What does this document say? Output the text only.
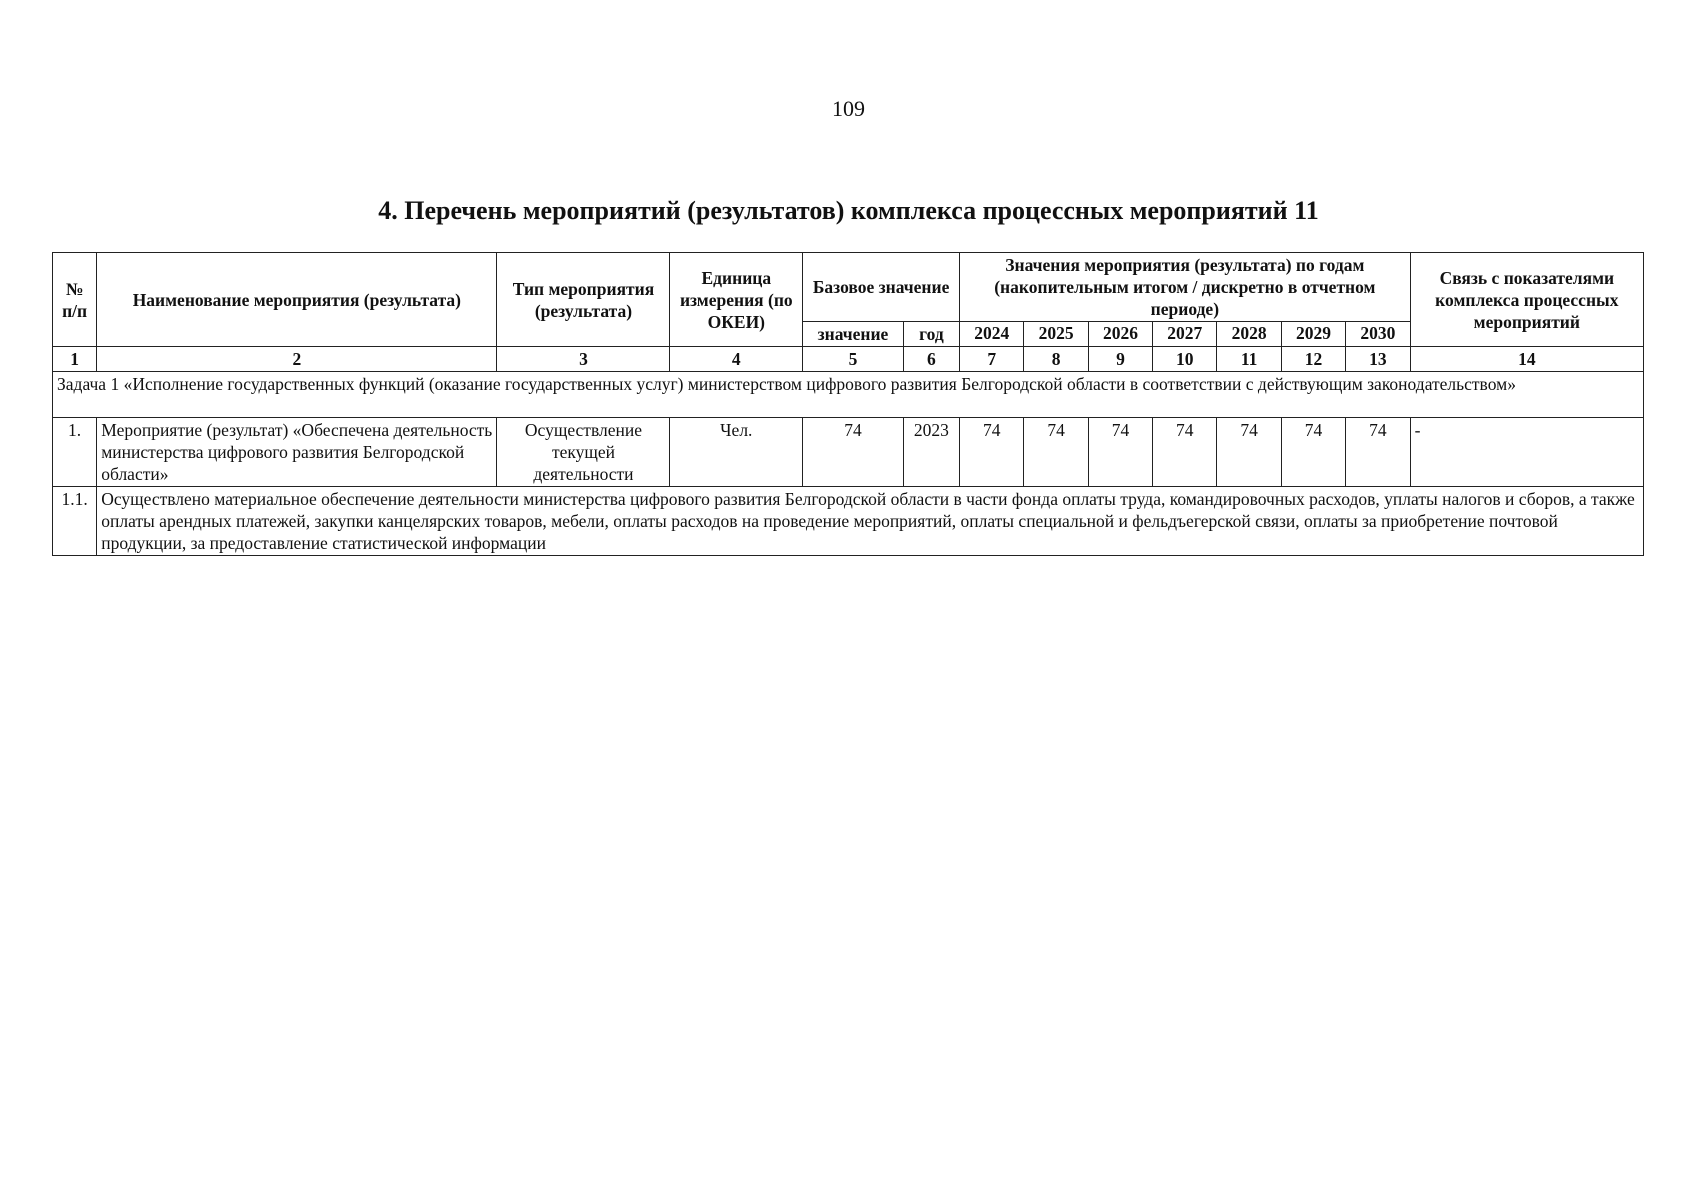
109
4. Перечень мероприятий (результатов) комплекса процессных мероприятий 11
№ п/п	Наименование мероприятия (результата)	Тип мероприятия (результата)	Единица измерения (по ОКЕИ)	Базовое значение		Значения мероприятия (результата) по годам (накопительным итогом / дискретно в отчетном периоде)							Связь с показателями комплекса процессных мероприятий
				значение	год	2024	2025	2026	2027	2028	2029	2030	
1	2	3	4	5	6	7	8	9	10	11	12	13	14
Задача 1 «Исполнение государственных функций (оказание государственных услуг) министерством цифрового развития Белгородской области в соответствии с действующим законодательством»													
1.	Мероприятие (результат) «Обеспечена деятельность министерства цифрового развития Белгородской области»	Осуществление текущей деятельности	Чел.	74	2023	74	74	74	74	74	74	74	-
1.1.	Осуществлено материальное обеспечение деятельности министерства цифрового развития Белгородской области в части фонда оплаты труда, командировочных расходов, уплаты налогов и сборов, а также оплаты арендных платежей, закупки канцелярских товаров, мебели, оплаты расходов на проведение мероприятий, оплаты специальной и фельдъегерской связи, оплаты за приобретение почтовой продукции, за предоставление статистической информации												
